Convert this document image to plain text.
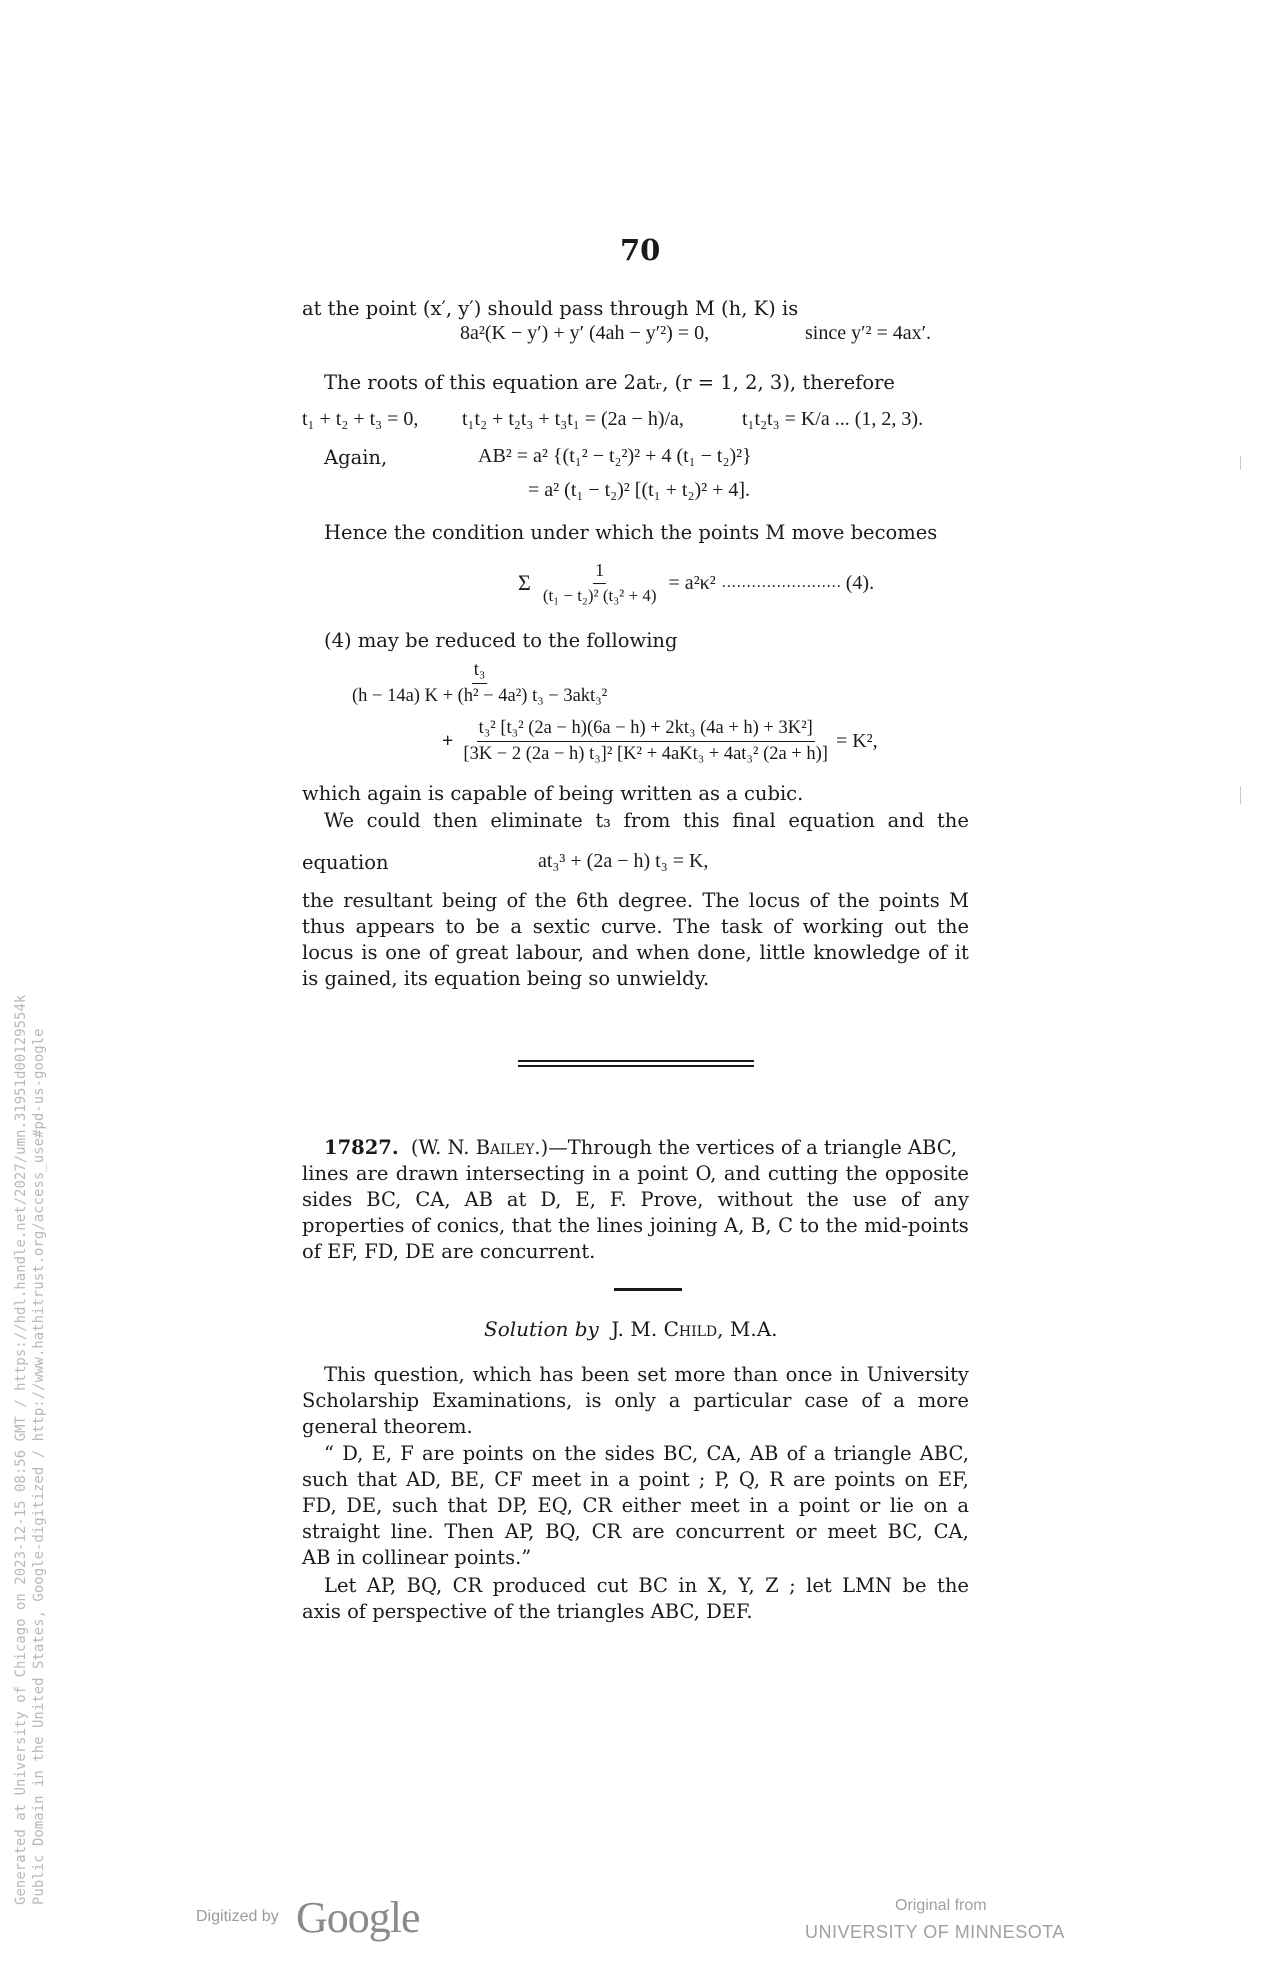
70
at the point (x′, y′) should pass through M (h, K) is
8a²(K − y′) + y′ (4ah − y′²) = 0,	since y′² = 4ax′.
The roots of this equation are 2atᵣ, (r = 1, 2, 3), therefore
t₁ + t₂ + t₃ = 0, t₁t₂ + t₂t₃ + t₃t₁ = (2a − h)/a,	t₁t₂t₃ = K/a ... (1, 2, 3).
Again,	AB² = a² {(t₁² − t₂²)² + 4 (t₁ − t₂)²}
= a² (t₁ − t₂)² [(t₁ + t₂)² + 4].
Hence the condition under which the points M move becomes
Σ $\frac{1}{\text{(t₁ − t₂)² (t₃² + 4)}} = a^2\kappa^2$ ........................ (4).
(4) may be reduced to the following
$\frac{\text{t₃}}{\text{(h − 14a) K + (h² − 4a²) t₃ − 3akt₃²}}$
+ $\frac{\text{t₃² [t₃² (2a − h)(6a − h) + 2kt₃ (4a + h) + 3K²]}}{\text{[3K − 2 (2a − h) t₃]² [K² + 4aKt₃ + 4at₃² (2a + h)]}} = K^2$,
which again is capable of being written as a cubic.
We could then eliminate t₃ from this final equation and the
equation	at₃³ + (2a − h) t₃ = K,
the resultant being of the 6th degree. The locus of the points M
thus appears to be a sextic curve. The task of working out the
locus is one of great labour, and when done, little knowledge of it
is gained, its equation being so unwieldy.
17827. (W. N. Bailey.)—Through the vertices of a triangle ABC,
lines are drawn intersecting in a point O, and cutting the opposite
sides BC, CA, AB at D, E, F. Prove, without the use of any
properties of conics, that the lines joining A, B, C to the mid-points
of EF, FD, DE are concurrent.
Solution by J. M. Child, M.A.
This question, which has been set more than once in University
Scholarship Examinations, is only a particular case of a more
general theorem.
“ D, E, F are points on the sides BC, CA, AB of a triangle ABC,
such that AD, BE, CF meet in a point ; P, Q, R are points on EF,
FD, DE, such that DP, EQ, CR either meet in a point or lie on a
straight line. Then AP, BQ, CR are concurrent or meet BC, CA,
AB in collinear points.”
Let AP, BQ, CR produced cut BC in X, Y, Z ; let LMN be the
axis of perspective of the triangles ABC, DEF.
Generated at University of Chicago on 2023-12-15 08:56 GMT / https://hdl.handle.net/2027/umn.31951d00129554k Public Domain in the United States, Google-digitized / http://www.hathitrust.org/access_use#pd-us-google
Digitized by Google	Original from
UNIVERSITY OF MINNESOTA
